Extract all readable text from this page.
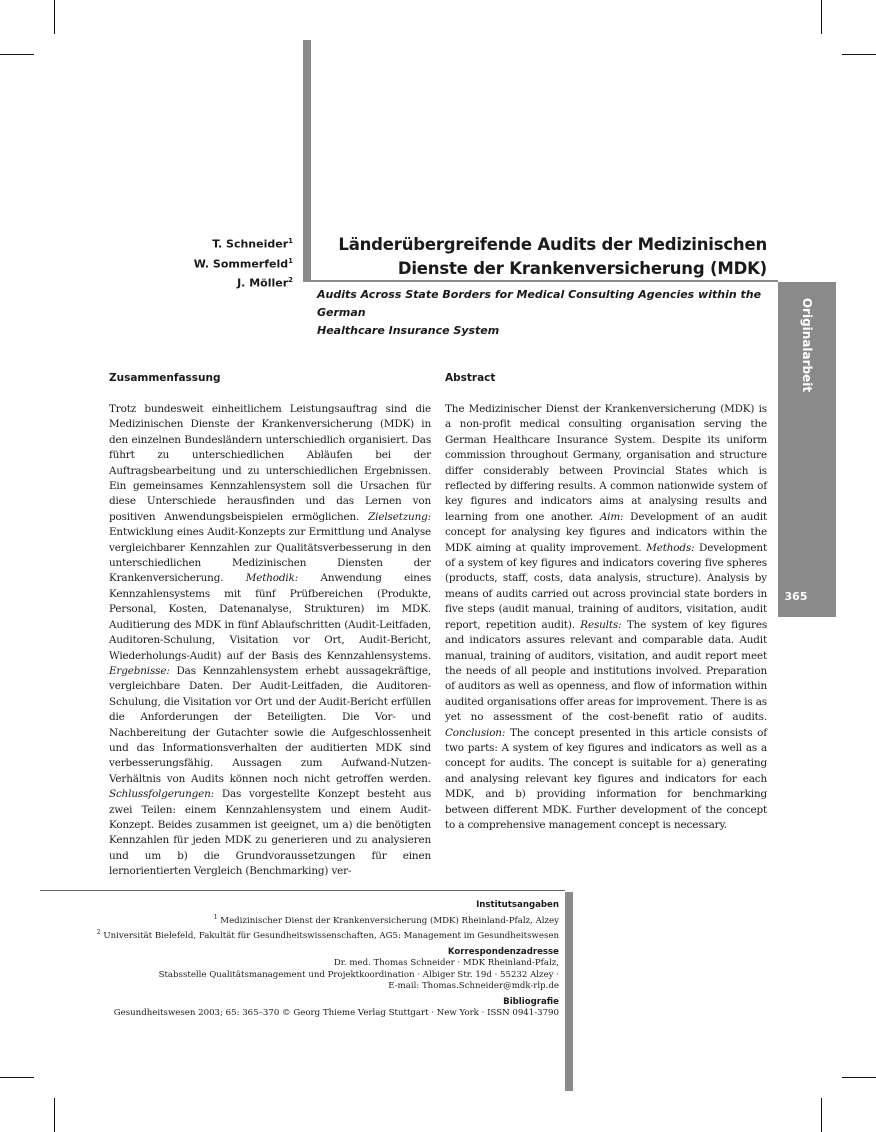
T. Schneider$^1$
W. Sommerfeld$^1$
J. Möller$^2$
Länderübergreifende Audits der Medizinischen
Dienste der Krankenversicherung (MDK)
Audits Across State Borders for Medical Consulting Agencies within the German
Healthcare Insurance System	Originalarbeit
365
Zusammenfassung	Abstract

Trotz bundesweit einheitlichem Leistungsauftrag sind die Medizinischen Dienste der Krankenversicherung (MDK) in den einzelnen Bundesländern unterschiedlich organisiert. Das führt zu unterschiedlichen Abläufen bei der Auftragsbearbeitung und zu unterschiedlichen Ergebnissen. Ein gemeinsames Kennzahlensystem soll die Ursachen für diese Unterschiede herausfinden und das Lernen von positiven Anwendungsbeispielen ermöglichen. Zielsetzung: Entwicklung eines Audit-Konzepts zur Ermittlung und Analyse vergleichbarer Kennzahlen zur Qualitätsverbesserung in den unterschiedlichen Medizinischen Diensten der Krankenversicherung. Methodik: Anwendung eines Kennzahlensystems mit fünf Prüfbereichen (Produkte, Personal, Kosten, Datenanalyse, Strukturen) im MDK. Auditierung des MDK in fünf Ablaufschritten (Audit-Leitfaden, Auditoren-Schulung, Visitation vor Ort, Audit-Bericht, Wiederholungs-Audit) auf der Basis des Kennzahlensystems. Ergebnisse: Das Kennzahlensystem erhebt aussagekräftige, vergleichbare Daten. Der Audit-Leitfaden, die Auditoren-Schulung, die Visitation vor Ort und der Audit-Bericht erfüllen die Anforderungen der Beteiligten. Die Vor- und Nachbereitung der Gutachter sowie die Aufgeschlossenheit und das Informationsverhalten der auditierten MDK sind verbesserungsfähig. Aussagen zum Aufwand-Nutzen-Verhältnis von Audits können noch nicht getroffen werden. Schlussfolgerungen: Das vorgestellte Konzept besteht aus zwei Teilen: einem Kennzahlensystem und einem Audit-Konzept. Beides zusammen ist geeignet, um a) die benötigten Kennzahlen für jeden MDK zu generieren und zu analysieren und um b) die Grundvoraussetzungen für einen lernorientierten Vergleich (Benchmarking) ver-

The Medizinischer Dienst der Krankenversicherung (MDK) is a non-profit medical consulting organisation serving the German Healthcare Insurance System. Despite its uniform commission throughout Germany, organisation and structure differ considerably between Provincial States which is reflected by differing results. A common nationwide system of key figures and indicators aims at analysing results and learning from one another. Aim: Development of an audit concept for analysing key figures and indicators within the MDK aiming at quality improvement. Methods: Development of a system of key figures and indicators covering five spheres (products, staff, costs, data analysis, structure). Analysis by means of audits carried out across provincial state borders in five steps (audit manual, training of auditors, visitation, audit report, repetition audit). Results: The system of key figures and indicators assures relevant and comparable data. Audit manual, training of auditors, visitation, and audit report meet the needs of all people and institutions involved. Preparation of auditors as well as openness, and flow of information within audited organisations offer areas for improvement. There is as yet no assessment of the cost-benefit ratio of audits. Conclusion: The concept presented in this article consists of two parts: A system of key figures and indicators as well as a concept for audits. The concept is suitable for a) generating and analysing relevant key figures and indicators for each MDK, and b) providing information for benchmarking between different MDK. Further development of the concept to a comprehensive management concept is necessary.

Institutsangaben
$^1$ Medizinischer Dienst der Krankenversicherung (MDK) Rheinland-Pfalz, Alzey
$^2$ Universität Bielefeld, Fakultät für Gesundheitswissenschaften, AG5: Management im Gesundheitswesen
Korrespondenzadresse
Dr. med. Thomas Schneider · MDK Rheinland-Pfalz,
Stabsstelle Qualitätsmanagement und Projektkoordination · Albiger Str. 19d · 55232 Alzey ·
E-mail: Thomas.Schneider@mdk-rlp.de
Bibliografie
Gesundheitswesen 2003; 65: 365–370 © Georg Thieme Verlag Stuttgart · New York · ISSN 0941-3790
